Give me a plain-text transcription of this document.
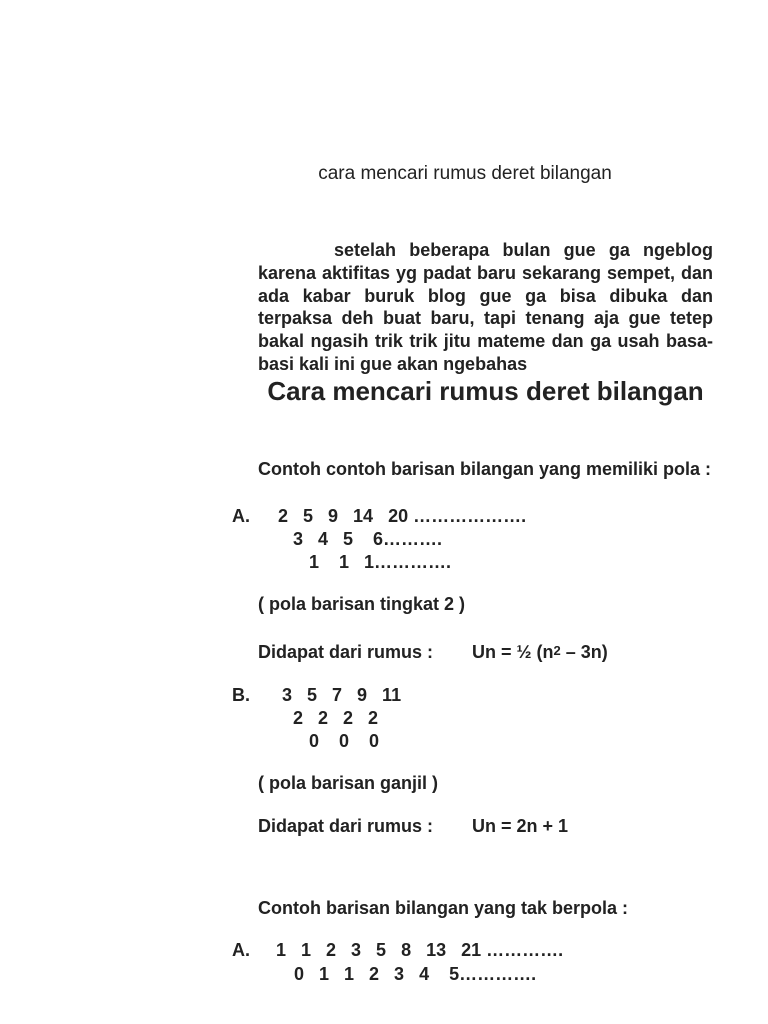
cara mencari rumus deret bilangan

setelah beberapa bulan gue ga ngeblog karena aktifitas yg padat baru sekarang sempet, dan ada kabar buruk blog gue ga bisa dibuka dan terpaksa deh buat baru, tapi tenang aja gue tetep bakal ngasih trik trik jitu mateme dan ga usah basa-basi kali ini gue akan ngebahas

Cara mencari rumus deret bilangan

Contoh contoh barisan bilangan yang memiliki pola :

A. 2   5   9   14   20 ……………….
3   4   5    6……….
1    1   1………….
( pola barisan tingkat 2 )
Didapat dari rumus : Un = ½ $(n^2 - 3n)$
B. 3   5   7   9   11
2   2   2   2
0    0    0
( pola barisan ganjil )
Didapat dari rumus : Un = 2n + 1
Contoh barisan bilangan yang tak berpola :
A. 1   1   2   3   5   8   13   21 ………….
0   1   1   2   3   4    5………….
